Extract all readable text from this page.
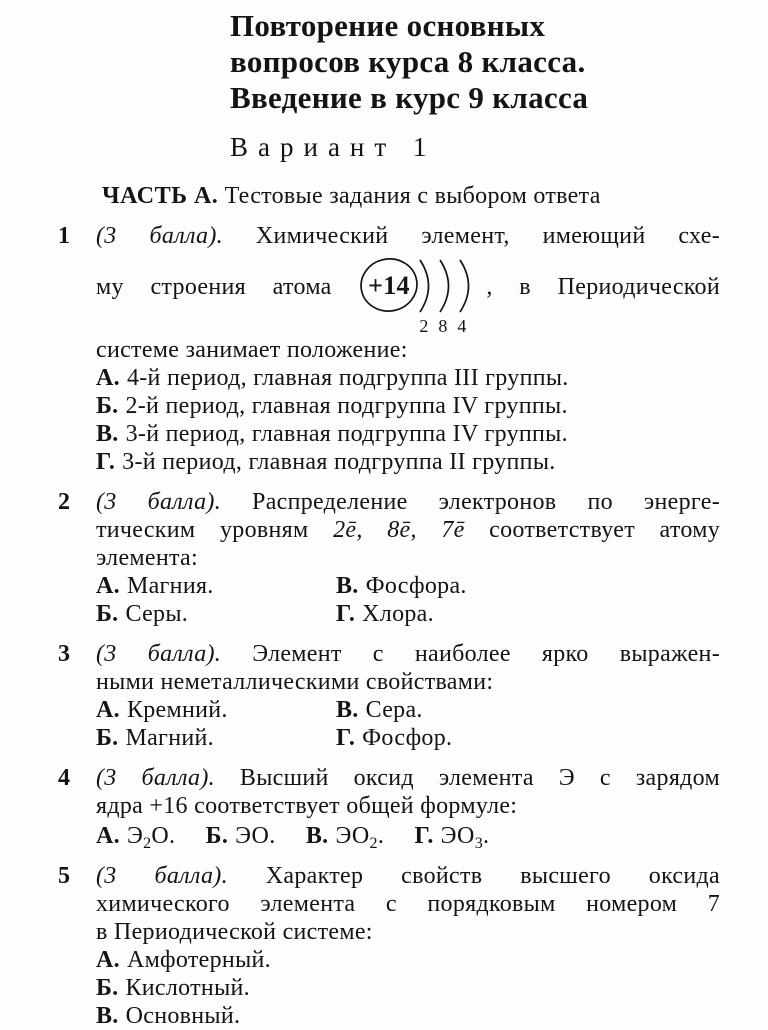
Повторение основных
вопросов курса 8 класса.
Введение в курс 9 класса
Вариант 1
ЧАСТЬ А. Тестовые задания с выбором ответа
1	(3 балла). Химический элемент, имеющий схе-
му строения атома +14
2 8 4
, в Периодической
системе занимает положение:
А. 4-й период, главная подгруппа III группы.
Б. 2-й период, главная подгруппа IV группы.
В. 3-й период, главная подгруппа IV группы.
Г. 3-й период, главная подгруппа II группы.
2	(3 балла). Распределение электронов по энерге-
тическим уровням 2ē, 8ē, 7ē соответствует атому
элемента:
А. Магния.	В. Фосфора.
Б. Серы.	Г. Хлора.
3	(3 балла). Элемент с наиболее ярко выражен-
ными неметаллическими свойствами:
А. Кремний.	В. Сера.
Б. Магний.	Г. Фосфор.
4	(3 балла). Высший оксид элемента Э с зарядом
ядра +16 соответствует общей формуле:
А. $Э_2О$. Б. ЭО. В. $ЭО_2$. Г. $ЭО_3$.
5	(3 балла). Характер свойств высшего оксида
химического элемента с порядковым номером 7
в Периодической системе:
А. Амфотерный.
Б. Кислотный.
В. Основный.
